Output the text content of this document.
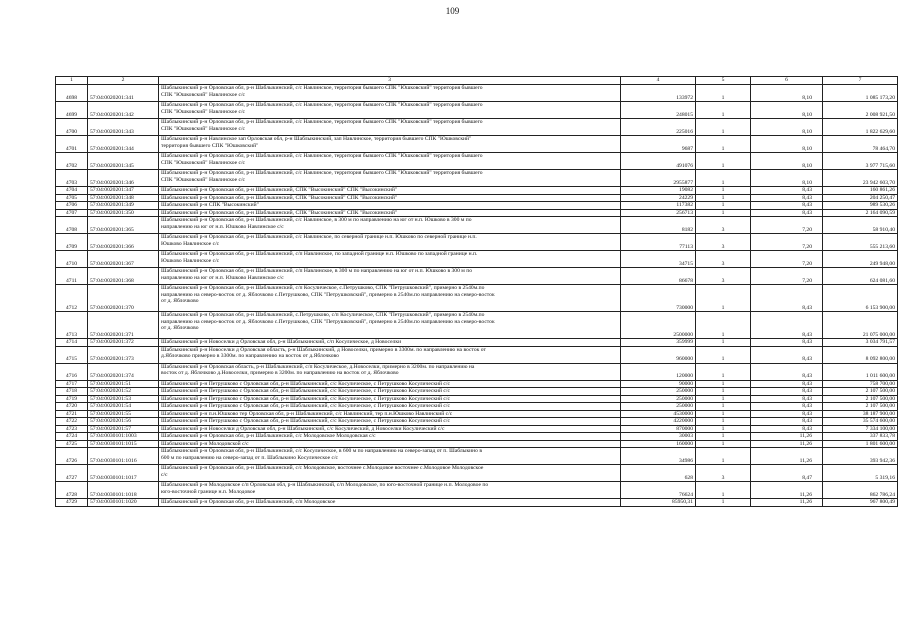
109
1	2	3	4	5	6	7
4698	57:04:0020201:341	Шаблыкинский р-н Орловская обл, р-н Шаблыкинский, с/с Навлинское, территория бывшего СПК "Юшковский" территория бывшего
СПК "Юшковский" Навлинское с/с	133972	1	8,10	1 085 173,20
4699	57:04:0020201:342	Шаблыкинский р-н Орловская обл, р-н Шаблыкинский, с/с Навлинское, территория бывшего СПК "Юшковский" территория бывшего
СПК "Юшковский" Навлинское с/с	248015	1	8,10	2 008 921,50
4700	57:04:0020201:343	Шаблыкинский р-н Орловская обл, р-н Шаблыкинский, с/с Навлинское, территория бывшего СПК "Юшковский" территория бывшего
СПК "Юшковский" Навлинское с/с	225016	1	8,10	1 822 629,60
4701	57:04:0020201:344	Шаблыкинский р-н Навлинское зап Орловская обл, р-н Шаблыкинский, зап Навлинское, территория бывшего СПК "Юшковский"
территория бывшего СПК "Юшковский"	9687	1	8,10	78 464,70
4702	57:04:0020201:345	Шаблыкинский р-н Орловская обл, р-н Шаблыкинский, с/с Навлинское, территория бывшего СПК "Юшковский" территория бывшего
СПК "Юшковский" Навлинское с/с	491076	1	8,10	3 977 715,60
4703	57:04:0020201:346	Шаблыкинский р-н Орловская обл, р-н Шаблыкинский, с/с Навлинское, территория бывшего СПК "Юшковский" территория бывшего
СПК "Юшковский" Навлинское с/с	2955877	1	8,10	23 942 603,70
4704	57:04:0020201:347	Шаблыкинский р-н Орловская обл, р-н Шаблыкинский, СПК "Высокинский" СПК "Высокинский"	19082	1	8,43	160 861,26
4705	57:04:0020201:348	Шаблыкинский р-н Орловская обл, р-н Шаблыкинский, СПК "Высокинский" СПК "Высокинский"	24229	1	8,43	204 250,47
4706	57:04:0020201:349	Шаблыкинский р-н СПК "Высокинский"	117382	1	8,43	989 530,26
4707	57:04:0020201:350	Шаблыкинский р-н Орловская обл, р-н Шаблыкинский, СПК "Высокинский" СПК "Высокинский"	256713	1	8,43	2 164 090,59
4708	57:04:0020201:365	Шаблыкинский р-н Орловская обл, р-н Шаблыкинский, с/с Навлинское, в 300 м по направлению на юг от н.п. Юшково в 300 м по
направлению на юг от н.п. Юшково Навлинское с/с	8182	3	7,20	58 910,40
4709	57:04:0020201:366	Шаблыкинский р-н Орловская обл, р-н Шаблыкинский, с/с Навлинское, по северной границе н.п. Юшково по северной границе н.п.
Юшково Навлинское с/с	77113	3	7,20	555 213,60
4710	57:04:0020201:367	Шаблыкинский р-н Орловская обл, р-н Шаблыкинский, с/п Навлинское, по западной границе н.п. Юшково по западной границе н.п.
Юшково Навлинское с/с	34715	3	7,20	249 948,00
4711	57:04:0020201:368	Шаблыкинский р-н Орловская обл, р-н Шаблыкинский, с/п Навлинское, в 300 м по направлению на юг от н.п. Юшково в 300 м по
направлению на юг от н.п. Юшково Навлинское с/с	86678	3	7,20	624 081,60
4712	57:04:0020201:370	Шаблыкинский р-н Орловская обл, р-н Шаблыкинский, с/п Косуличеcкое, с.Петрушково, СПК "Петрушковский", примерно в 2540м.по
направлению на северо-восток от д. Яблочково с.Петрушково, СПК "Петрушковский", примерно в 2540м.по направлению на северо-восток
от д. Яблочково	730000	1	8,43	6 153 900,00
4713	57:04:0020201:371	Шаблыкинский р-н Орловская обл, р-н Шаблыкинский, с.Петрушково, с/п Косуличеcкое, СПК "Петрушковский", примерно в 2540м.по
направлению на северо-восток от д. Яблочково с.Петрушково, СПК "Петрушковский", примерно в 2540м.по направлению на северо-восток
от д. Яблочково	2500000	1	8,43	21 075 000,00
4714	57:04:0020201:372	Шаблыкинский р-н Новоселки д Орловская обл, р-н Шаблыкинский, с/п Косуличеcкое, д Новоселки	359999	1	8,43	3 034 791,57
4715	57:04:0020201:373	Шаблыкинский р-н Новоселки д Орловская область, р-н Шаблыкинский, д Новоселки, примерно в 3300м. по направлению на восток от
д.Яблочково примерно в 3300м. по направлению на восток от д.Яблочково	960000	1	8,43	8 092 800,00
4716	57:04:0020201:374	Шаблыкинский р-н Орловская область, р-н Шаблыкинский, с/п Косуличеcкое, д.Новоселки, примерно в 3200м. по направлению на
восток от д. Яблочково д.Новоселки, примерно в 3200м. по направлению на восток от д. Яблочково	120000	1	8,43	1 011 600,00
4717	57:04:0020201:51	Шаблыкинский р-н Петрушково с Орловская обл, р-н Шаблыкинский, с/с Косуличеcкое, с Петрушково Косуличеcкий с/с	90000	1	8,43	758 700,00
4718	57:04:0020201:52	Шаблыкинский р-н Петрушково с Орловская обл, р-н Шаблыкинский, с/с Косуличеcкое, с Петрушково Косуличеcкий с/с	250000	1	8,43	2 107 500,00
4719	57:04:0020201:53	Шаблыкинский р-н Петрушково с Орловская обл, р-н Шаблыкинский, с/с Косуличеcкое, с Петрушково Косуличеcкий с/с	250000	1	8,43	2 107 500,00
4720	57:04:0020201:54	Шаблыкинский р-н Петрушково с Орловская обл, р-н Шаблыкинский, с/с Косуличеcкое, с Петрушково Косуличеcкий с/с	250000	1	8,43	2 107 500,00
4721	57:04:0020201:55	Шаблыкинский р-н п.н.Юшково тер Орловская обл, р-н Шаблыкинский, с/с Навлинский, тер п.н.Юшково Навлинский с/с	4530000	1	8,43	38 187 900,00
4722	57:04:0020201:56	Шаблыкинский р-н Петрушково с Орловская обл, р-н Шаблыкинский, с/с Косуличеcкое, с Петрушково Косуличеcкий с/с	4220000	1	8,43	35 574 600,00
4723	57:04:0020201:57	Шаблыкинский р-н Новоселки д Орловская обл, р-н Шаблыкинский, с/с Косуличеcкий, д Новоселки Косуличеcкий с/с	870000	1	8,43	7 334 100,00
4724	57:04:0030101:1003	Шаблыкинский р-н Орловская обл, р-н Шаблыкинский, с/с Молодовское Молодовская с/с	30003	1	11,26	337 833,78
4725	57:04:0030101:1015	Шаблыкинский р-н Молодовской с/с	160000	1	11,26	1 801 600,00
4726	57:04:0030101:1016	Шаблыкинский р-н Орловская обл, р-н Шаблыкинский, с/с Косуличеcкое, в 600 м по направлению на северо-запад от п. Шаблыкино в
600 м по направлению на северо-запад от п. Шаблыкино Косуличеcкое с/с	34986	1	11,26	393 942,36
4727	57:04:0030101:1017	Шаблыкинский р-н Орловская обл, р-н Шаблыкинский, с/с Молодовское, восточнее с.Молодовое восточнее с.Молодовое Молодовское
с/с	628	3	8,47	5 319,16
4728	57:04:0030101:1018	Шаблыкинский р-н Молодовское с/п Орловская обл, р-н Шаблыкинский, с/п Молодовское, по юго-восточной границе н.п. Молодовое по
юго-восточной границе н.п. Молодовое	76624	1	11,26	862 786,24
4729	57:04:0030101:1020	Шаблыкинский р-н Орловская обл, р-н Шаблыкинский, с/п Молодовское	85950,31	1	11,26	967 800,49
